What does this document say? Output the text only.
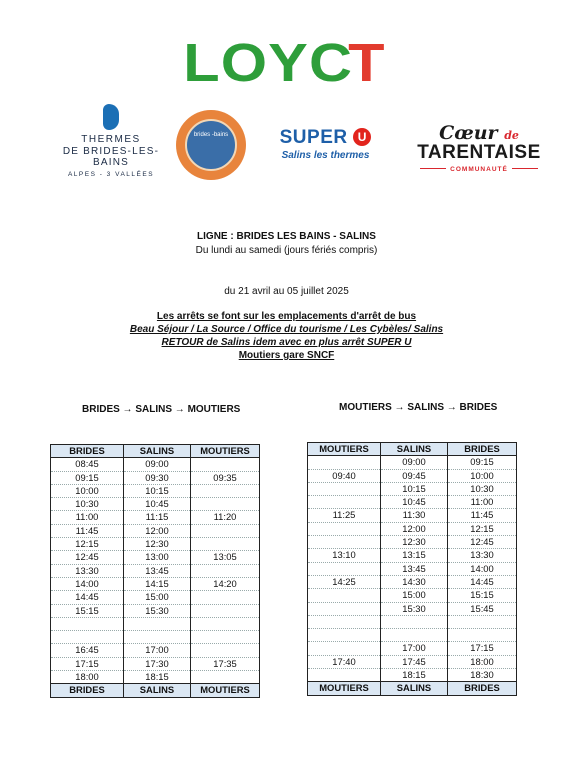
LOYCT
THERMES
DE BRIDES-LES-BAINS
ALPES - 3 VALLÉES
brides -bains	SUPER U
Salins les thermes
Cœur de
TARENTAISE
COMMUNAUTÉ
LIGNE : BRIDES LES BAINS - SALINS
Du lundi au samedi (jours fériés compris)
du 21 avril au 05 juillet 2025
Les arrêts se font sur les emplacements d'arrêt de bus
Beau Séjour / La Source / Office du tourisme / Les Cybèles/ Salins
RETOUR de Salins idem avec en plus arrêt SUPER U
Moutiers gare SNCF
BRIDES → SALINS → MOUTIERS	MOUTIERS → SALINS → BRIDES
BRIDES	SALINS	MOUTIERS
08:45	09:00	
09:15	09:30	09:35
10:00	10:15	
10:30	10:45	
11:00	11:15	11:20
11:45	12:00	
12:15	12:30	
12:45	13:00	13:05
13:30	13:45	
14:00	14:15	14:20
14:45	15:00	
15:15	15:30	

16:45	17:00	
17:15	17:30	17:35
18:00	18:15	
BRIDES	SALINS	MOUTIERS
MOUTIERS	SALINS	BRIDES
	09:00	09:15
09:40	09:45	10:00
	10:15	10:30
	10:45	11:00
11:25	11:30	11:45
	12:00	12:15
	12:30	12:45
13:10	13:15	13:30
	13:45	14:00
14:25	14:30	14:45
	15:00	15:15
	15:30	15:45

	17:00	17:15
17:40	17:45	18:00
	18:15	18:30
MOUTIERS	SALINS	BRIDES
